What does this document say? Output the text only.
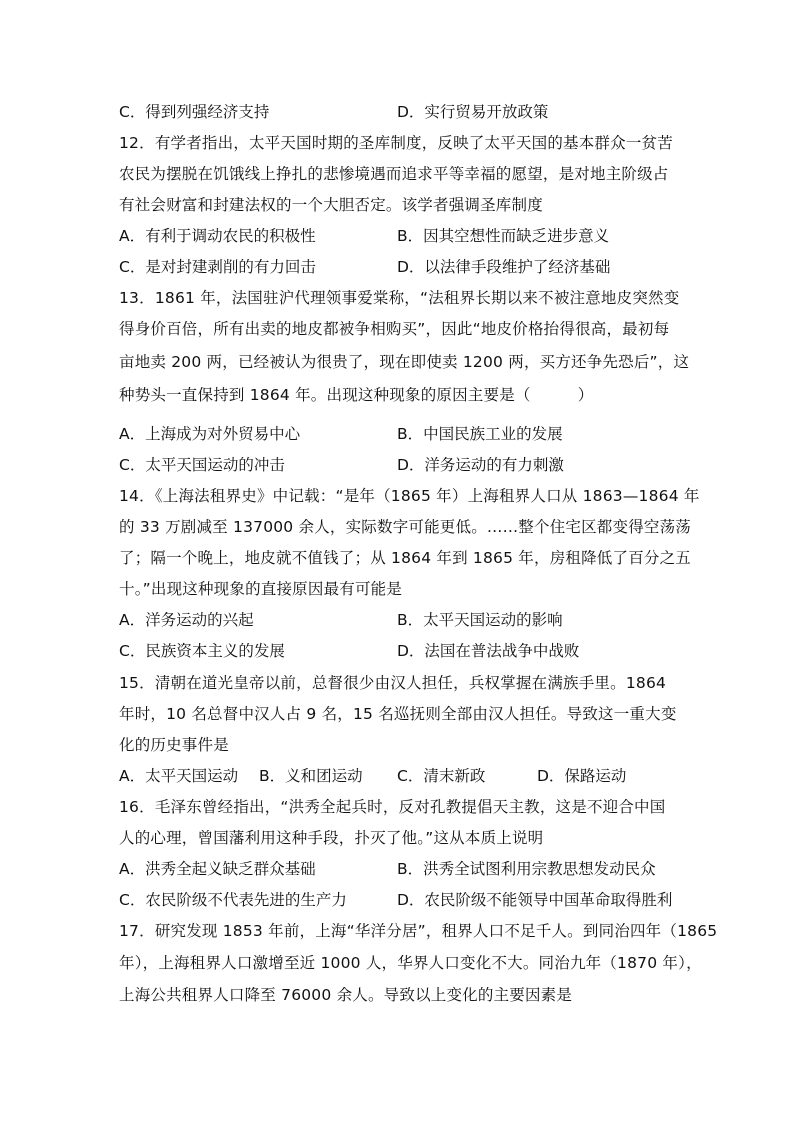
C．得到列强经济支持	D．实行贸易开放政策
12．有学者指出，太平天国时期的圣库制度，反映了太平天国的基本群众一贫苦
农民为摆脱在饥饿线上挣扎的悲惨境遇而追求平等幸福的愿望，是对地主阶级占
有社会财富和封建法权的一个大胆否定。该学者强调圣库制度
A．有利于调动农民的积极性	B．因其空想性而缺乏进步意义
C．是对封建剥削的有力回击	D．以法律手段维护了经济基础
13．1861 年，法国驻沪代理领事爱棠称，“法租界长期以来不被注意地皮突然变
得身价百倍，所有出卖的地皮都被争相购买”，因此“地皮价格抬得很高，最初每
亩地卖 200 两，已经被认为很贵了，现在即使卖 1200 两，买方还争先恐后”，这
种势头一直保持到 1864 年。出现这种现象的原因主要是（　　　）
A．上海成为对外贸易中心	B．中国民族工业的发展
C．太平天国运动的冲击	D．洋务运动的有力刺激
14．《上海法租界史》中记载：“是年（1865 年）上海租界人口从 1863—1864 年
的 33 万剧减至 137000 余人，实际数字可能更低。……整个住宅区都变得空荡荡
了；隔一个晚上，地皮就不值钱了；从 1864 年到 1865 年，房租降低了百分之五
十。”出现这种现象的直接原因最有可能是
A．洋务运动的兴起	B．太平天国运动的影响
C．民族资本主义的发展	D．法国在普法战争中战败
15．清朝在道光皇帝以前，总督很少由汉人担任，兵权掌握在满族手里。1864
年时，10 名总督中汉人占 9 名，15 名巡抚则全部由汉人担任。导致这一重大变
化的历史事件是
A．太平天国运动 B．义和团运动 C．清末新政	D．保路运动
16．毛泽东曾经指出，“洪秀全起兵时，反对孔教提倡天主教，这是不迎合中国
人的心理，曾国藩利用这种手段，扑灭了他。”这从本质上说明
A．洪秀全起义缺乏群众基础	B．洪秀全试图利用宗教思想发动民众
C．农民阶级不代表先进的生产力	D．农民阶级不能领导中国革命取得胜利
17．研究发现 1853 年前，上海“华洋分居”，租界人口不足千人。到同治四年（1865
年），上海租界人口激增至近 1000 人，华界人口变化不大。同治九年（1870 年），
上海公共租界人口降至 76000 余人。导致以上变化的主要因素是
